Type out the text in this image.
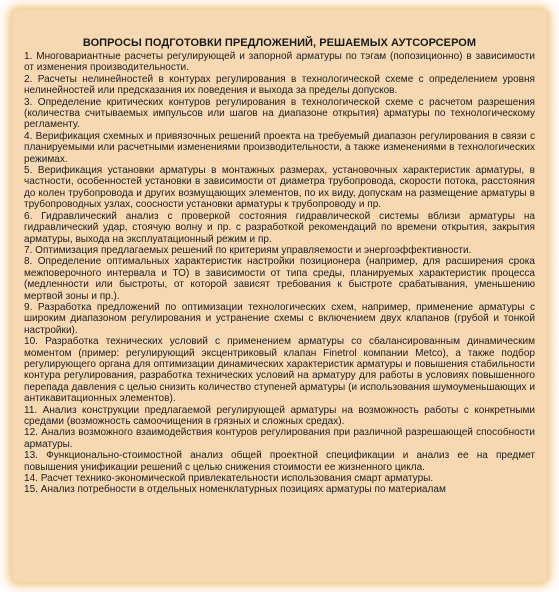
ВОПРОСЫ ПОДГОТОВКИ ПРЕДЛОЖЕНИЙ, РЕШАЕМЫХ АУТСОРСЕРОМ

1. Многовариантные расчеты регулирующей и запорной арматуры по тэгам (попозиционно) в зависимости от изменения производительности.

2. Расчеты нелинейностей в контурах регулирования в технологической схеме с определением уровня нелинейностей или предсказания их поведения и выхода за пределы допусков.

3. Определение критических контуров регулирования в технологической схеме с расчетом разрешения (количества считываемых импульсов или шагов на диапазоне открытия) арматуры по технологическому регламенту.

4. Верификация схемных и привязочных решений проекта на требуемый диапазон регулирования в связи с планируемыми или расчетными изменениями производительности, а также изменениями в технологических режимах.

5. Верификация установки арматуры в монтажных размерах, установочных характеристик арматуры, в частности, особенностей установки в зависимости от диаметра трубопровода, скорости потока, расстояния до колен трубопровода и других возмущающих элементов, по их виду, допускам на размещение арматуры в трубопроводных узлах, соосности установки арматуры к трубопроводу и пр.

6. Гидравлический анализ с проверкой состояния гидравлической системы вблизи арматуры на гидравлический удар, стоячую волну и пр. с разработкой рекомендаций по времени открытия, закрытия арматуры, выхода на эксплуатационный режим и пр.

7. Оптимизация предлагаемых решений по критериям управляемости и энергоэффективности.

8. Определение оптимальных характеристик настройки позиционера (например, для расширения срока межповерочного интервала и ТО) в зависимости от типа среды, планируемых характеристик процесса (медленности или быстроты, от которой зависят требования к быстроте срабатывания, уменьшению мертвой зоны и пр.).

9. Разработка предложений по оптимизации технологических схем, например, применение арматуры с широким диапазоном регулирования и устранение схемы с включением двух клапанов (грубой и тонкой настройки).

10. Разработка технических условий с применением арматуры со сбалансированным динамическим моментом (пример: регулирующий эксцентриковый клапан Finetrol компании Metco), а также подбор регулирующего органа для оптимизации динамических характеристик арматуры и повышения стабильности контура регулирования, разработка технических условий на арматуру для работы в условиях повышенного перепада давления с целью снизить количество ступеней арматуры (и использования шумоуменьшающих и антикавитационных элементов).

11. Анализ конструкции предлагаемой регулирующей арматуры на возможность работы с конкретными средами (возможность самоочищения в грязных и сложных средах).

12. Анализ возможного взаимодействия контуров регулирования при различной разрешающей способности арматуры.

13. Функционально-стоимостной анализ общей проектной спецификации и анализ ее на предмет повышения унификации решений с целью снижения стоимости ее жизненного цикла.

14. Расчет технико-экономической привлекательности использования смарт арматуры.

15. Анализ потребности в отдельных номенклатурных позициях арматуры по материалам
